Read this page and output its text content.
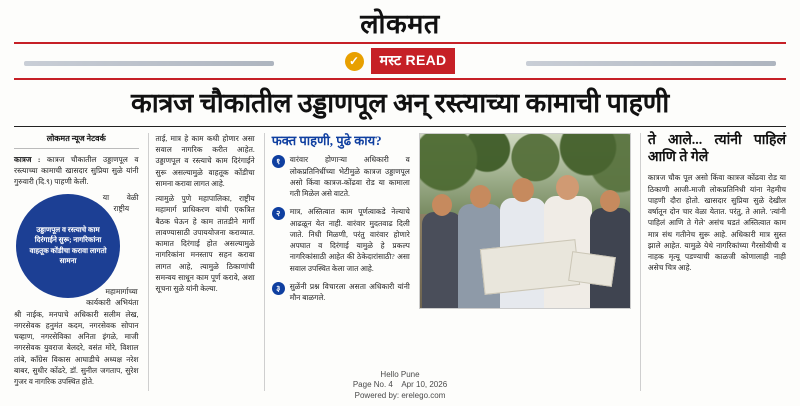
लोकमत
✓	मस्ट READ
कात्रज चौकातील उड्डाणपूल अन् रस्त्याच्या कामाची पाहणी
लोकमत न्यूज नेटवर्क

कात्रज : कात्रज चौकातील उड्डाणपूल व रस्त्याच्या कामाची खासदार सुप्रिया सुळे यांनी गुरुवारी (दि.९) पाहणी केली.

उड्डाणपूल व रस्त्याचे काम दिरंगाईने सुरू; नागरिकांना वाहतूक कोंडीचा करावा लागतो सामना

या वेळी राष्ट्रीय महामार्गाच्या कार्यकारी अभियंता श्री नाईक, मनपाचे अधिकारी सलीम लेख, नगरसेवक हनुमंत कदम, नगरसेवक सोपान चव्हाण, नगरसेविका अनिता इंगळे, माजी नगरसेवक युवराज बेलदरे, वसंत मोरे, विशाल तांबे, काँग्रेस विकास आघाडीचे अध्यक्ष नरेश बाबर, सुधीर कोंढरे, डॉ. सुनील जगताप, सुरेश गुजर व नागरिक उपस्थित होते.

ताई, मात्र हे काम कधी होणार असा सवाल नागरिक करीत आहेत. उड्डाणपूल व रस्त्याचे काम दिरंगाईने सुरू असल्यामुळे वाहतूक कोंडीचा सामना करावा लागत आहे.

त्यामुळे पुणे महापालिका, राष्ट्रीय महामार्ग प्राधिकरण यांची एकत्रित बैठक घेऊन हे काम तातडीने मार्गी लावण्यासाठी उपाययोजना कराव्यात. कामात दिरंगाई होत असल्यामुळे नागरिकांना मनस्ताप सहन करावा लागत आहे, त्यामुळे ठिकाणांची समन्वय साधून काम पूर्ण करावे, अशा सूचना सुळे यांनी केल्या.

फक्त पाहणी, पुढे काय?
१	वारंवार होणाऱ्या अधिकारी व लोकप्रतिनिधींच्या भेटीमुळे कात्रज उड्डाणपूल असो किंवा कात्रज-कोंढवा रोड या कामाला गती मिळेल असे वाटते.
२	मात्र, अस्तित्वात काम पूर्णत्वाकडे नेल्याचे आढळून येत नाही. वारंवार मुदतवाढ दिली जाते. निधी मिळणी, परंतु वारंवार होणारे अपघात व दिरंगाई यामुळे हे प्रकल्प नागरिकांसाठी आहेत की ठेकेदारांसाठी? असा सवाल उपस्थित केला जात आहे.
३	सुळेंनी प्रश्न विचारला असता अधिकारी यांनी मौन बाळगले.
ते आले... त्यांनी पाहिलं आणि ते गेले

कात्रज चौक पूल असो किंवा कात्रज कोंढवा रोड या ठिकाणी आजी-माजी लोकप्रतिनिधी यांना नेहमीच पाहणी दौरा होतो. खासदार सुप्रिया सुळे देखील वर्षातून दोन चार वेळा येतात. परंतु, ते आले. 'त्यांनी पाहिलं आणि ते गेले' असंच घडतं अस्तित्वात काम मात्र संथ गतीनेच सुरू आहे. अधिकारी मात्र सुस्त झाले आहेत. यामुळे येथे नागरिकांच्या गैरसोयीची व नाहक मृत्यू पडण्याची काळजी कोणालाही नाही असेच चित्र आहे.

Hello Pune
Page No. 4 Apr 10, 2026
Powered by: erelego.com
